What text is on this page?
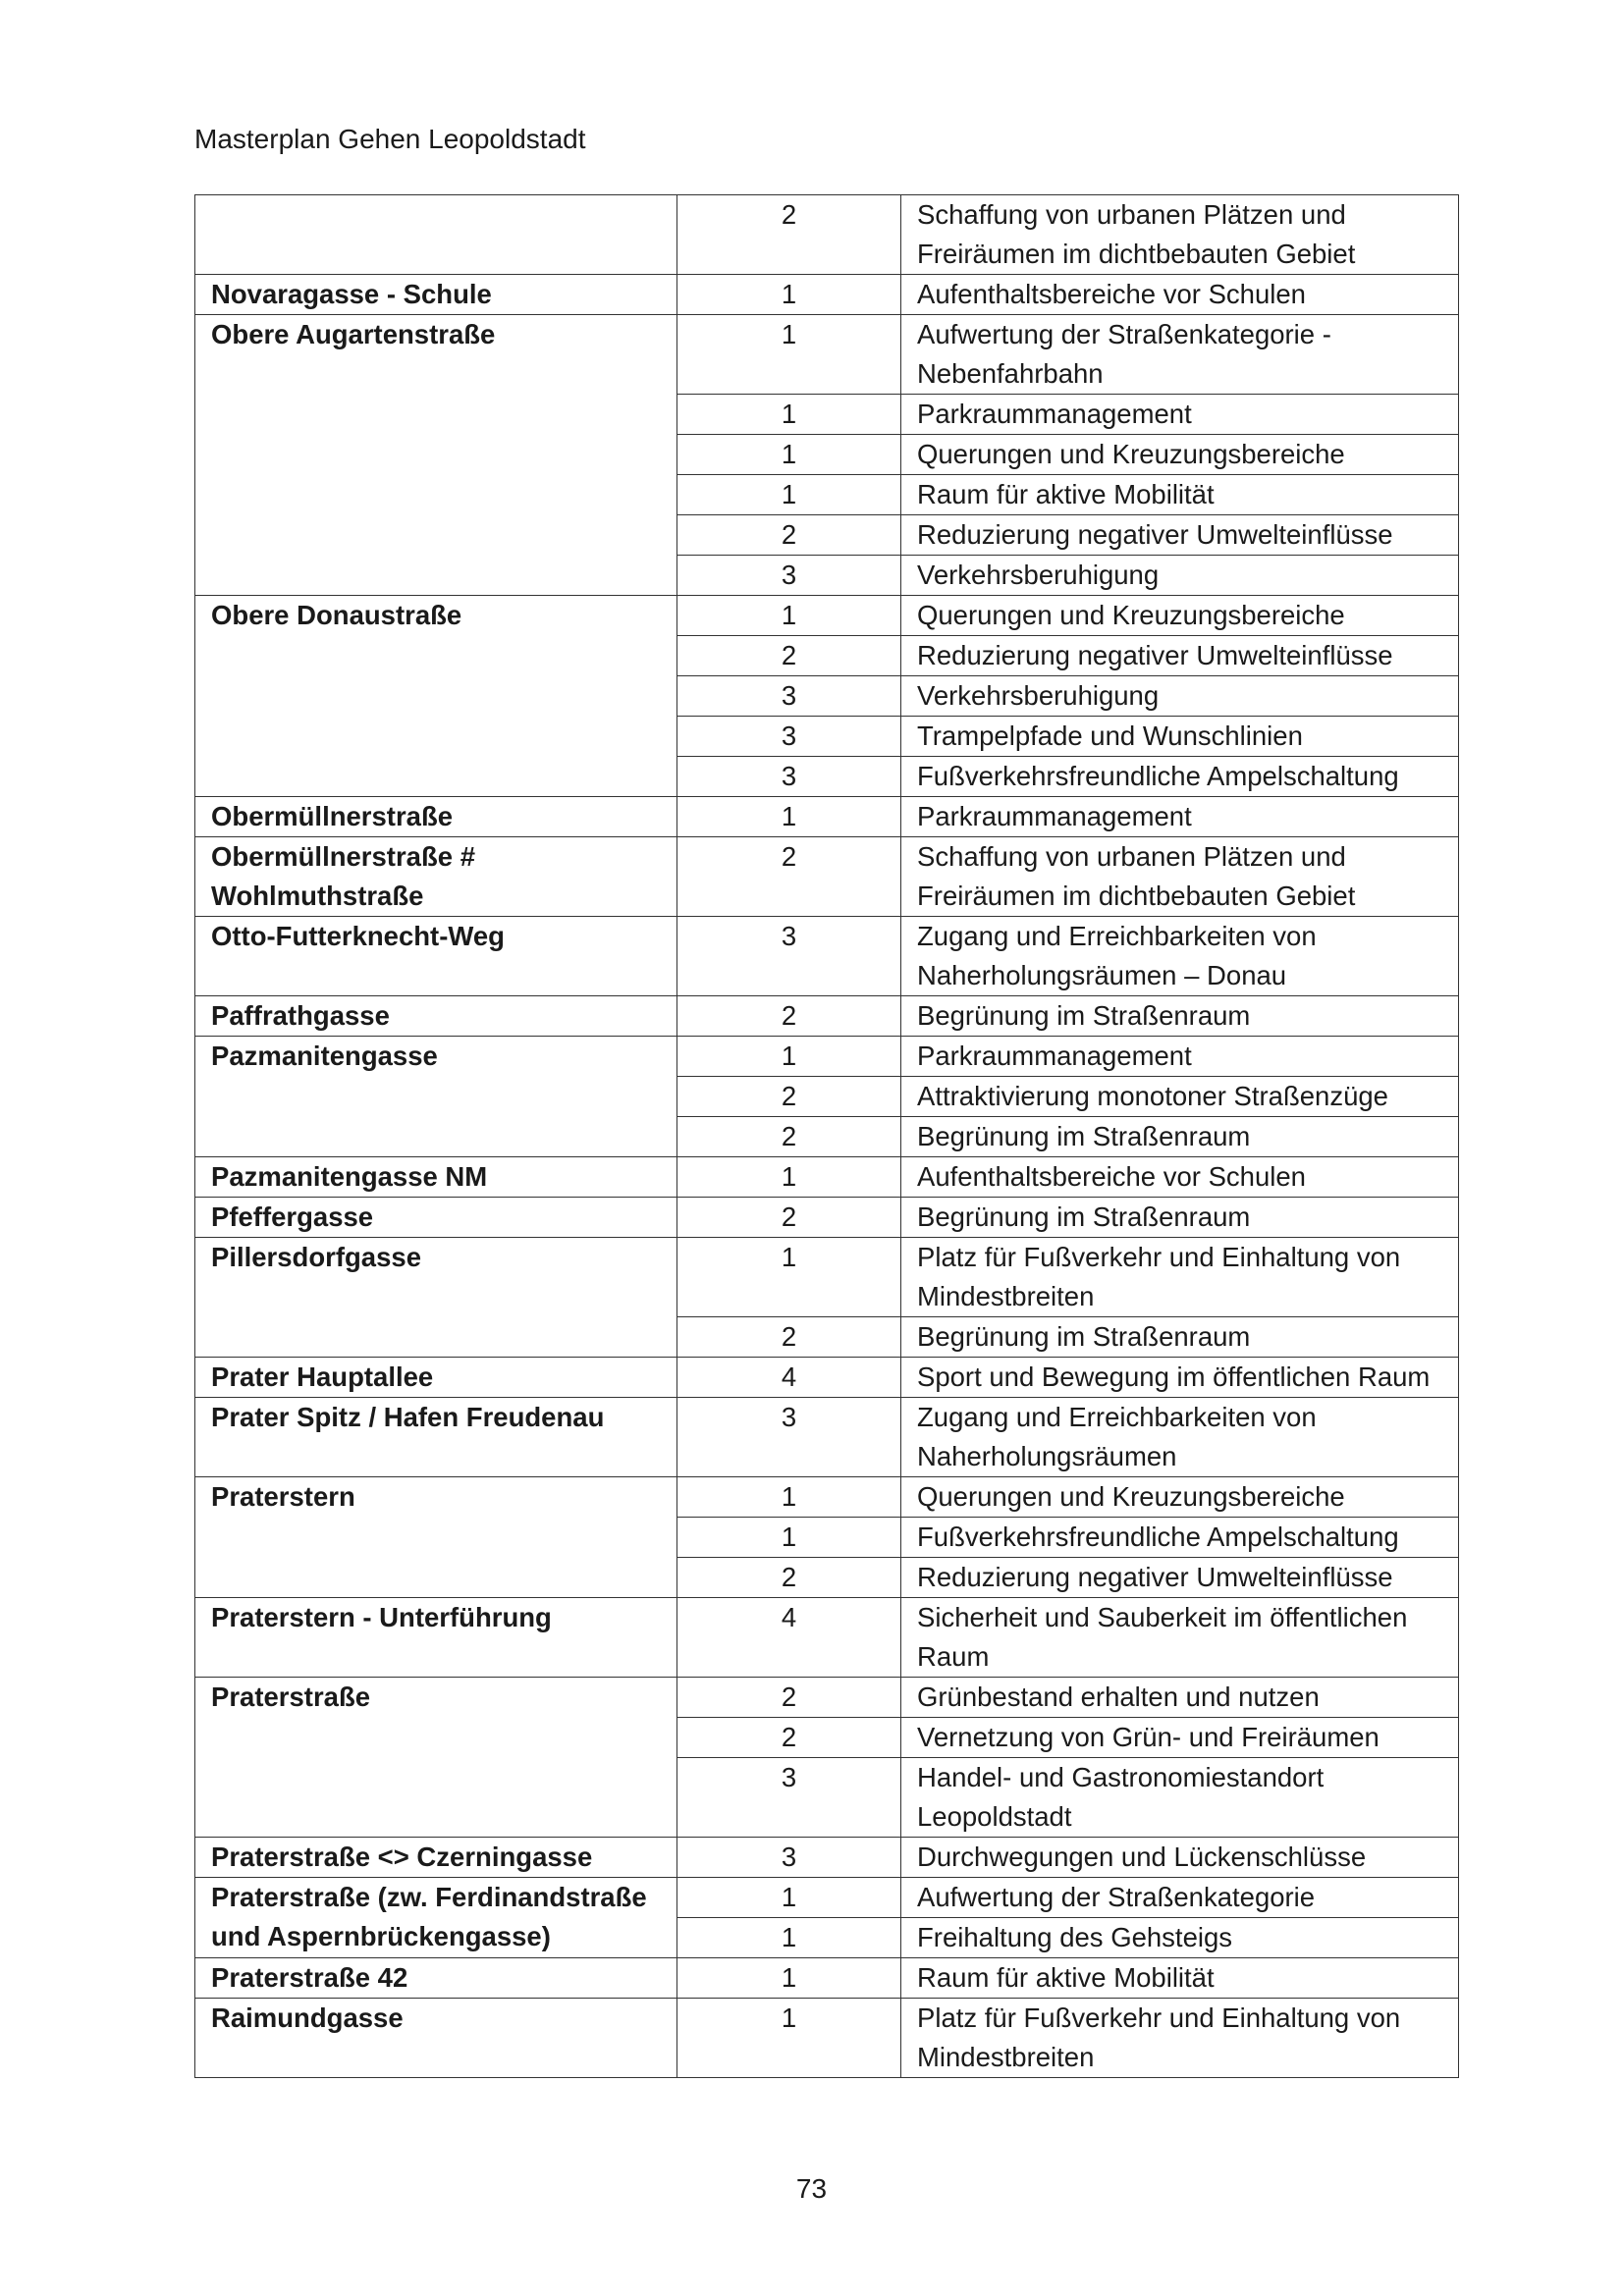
Masterplan Gehen Leopoldstadt
	2	Schaffung von urbanen Plätzen und Freiräumen im dichtbebauten Gebiet
Novaragasse - Schule	1	Aufenthaltsbereiche vor Schulen
Obere Augartenstraße	1	Aufwertung der Straßenkategorie - Nebenfahrbahn
	1	Parkraummanagement
	1	Querungen und Kreuzungsbereiche
	1	Raum für aktive Mobilität
	2	Reduzierung negativer Umwelteinflüsse
	3	Verkehrsberuhigung
Obere Donaustraße	1	Querungen und Kreuzungsbereiche
	2	Reduzierung negativer Umwelteinflüsse
	3	Verkehrsberuhigung
	3	Trampelpfade und Wunschlinien
	3	Fußverkehrsfreundliche Ampelschaltung
Obermüllnerstraße	1	Parkraummanagement
Obermüllnerstraße # Wohlmuthstraße	2	Schaffung von urbanen Plätzen und Freiräumen im dichtbebauten Gebiet
Otto-Futterknecht-Weg	3	Zugang und Erreichbarkeiten von Naherholungsräumen – Donau
Paffrathgasse	2	Begrünung im Straßenraum
Pazmanitengasse	1	Parkraummanagement
	2	Attraktivierung monotoner Straßenzüge
	2	Begrünung im Straßenraum
Pazmanitengasse NM	1	Aufenthaltsbereiche vor Schulen
Pfeffergasse	2	Begrünung im Straßenraum
Pillersdorfgasse	1	Platz für Fußverkehr und Einhaltung von Mindestbreiten
	2	Begrünung im Straßenraum
Prater Hauptallee	4	Sport und Bewegung im öffentlichen Raum
Prater Spitz / Hafen Freudenau	3	Zugang und Erreichbarkeiten von Naherholungsräumen
Praterstern	1	Querungen und Kreuzungsbereiche
	1	Fußverkehrsfreundliche Ampelschaltung
	2	Reduzierung negativer Umwelteinflüsse
Praterstern - Unterführung	4	Sicherheit und Sauberkeit im öffentlichen Raum
Praterstraße	2	Grünbestand erhalten und nutzen
	2	Vernetzung von Grün- und Freiräumen
	3	Handel- und Gastronomiestandort Leopoldstadt
Praterstraße <> Czerningasse	3	Durchwegungen und Lückenschlüsse
Praterstraße (zw. Ferdinandstraße und Aspernbrückengasse)	1	Aufwertung der Straßenkategorie
	1	Freihaltung des Gehsteigs
Praterstraße 42	1	Raum für aktive Mobilität
Raimundgasse	1	Platz für Fußverkehr und Einhaltung von Mindestbreiten
73
